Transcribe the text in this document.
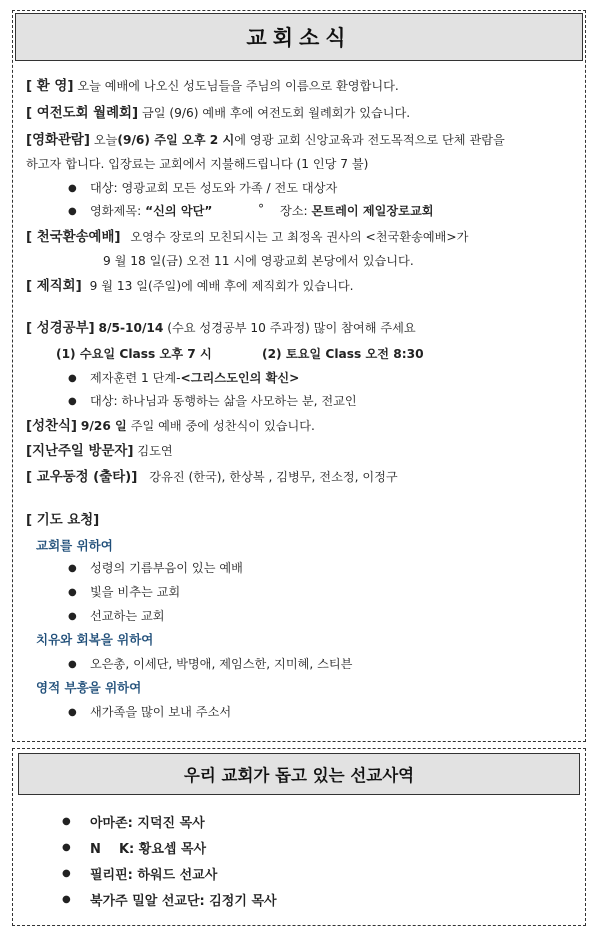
교회소식
[ 환 영] 오늘 예배에 나오신 성도님들을 주님의 이름으로 환영합니다.
[ 여전도회 월례회] 금일 (9/6) 예배 후에 여전도회 월례회가 있습니다.
[영화관람] 오늘(9/6) 주일 오후 2 시에 영광 교회 신앙교육과 전도목적으로 단체 관람을
하고자 합니다. 입장료는 교회에서 지불해드립니다 (1 인당 7 불)
● 대상: 영광교회 모든 성도와 가족 / 전도 대상자
● 영화제목: “신의 악단”	° 장소: 몬트레이 제일장로교회
[ 천국환송예배] 오영수 장로의 모친되시는 고 최정옥 권사의 <천국환송예배>가
9 월 18 일(금) 오전 11 시에 영광교회 본당에서 있습니다.
[ 제직회] 9 월 13 일(주일)에 예배 후에 제직회가 있습니다.
[ 성경공부] 8/5-10/14 (수요 성경공부 10 주과정) 많이 참여해 주세요
(1) 수요일 Class 오후 7 시	(2) 토요일 Class 오전 8:30
● 제자훈련 1 단계-<그리스도인의 확신>
● 대상: 하나님과 동행하는 삶을 사모하는 분, 전교인
[성찬식] 9/26 일 주일 예배 중에 성찬식이 있습니다.
[지난주일 방문자] 김도연
[ 교우동정 (출타)] 강유진 (한국), 한상복 , 김병무, 전소정, 이정구
[ 기도 요청]
교회를 위하여
● 성령의 기름부음이 있는 예배
● 빛을 비추는 교회
● 선교하는 교회
치유와 회복을 위하여
● 오은총, 이세단, 박명애, 제임스한, 지미혜, 스티븐
영적 부흥을 위하여
● 새가족을 많이 보내 주소서
우리 교회가 돕고 있는 선교사역
● 아마존: 지덕진 목사
● N    K: 황요셉 목사
● 필리핀: 하워드 선교사
● 북가주 밀알 선교단: 김정기 목사
